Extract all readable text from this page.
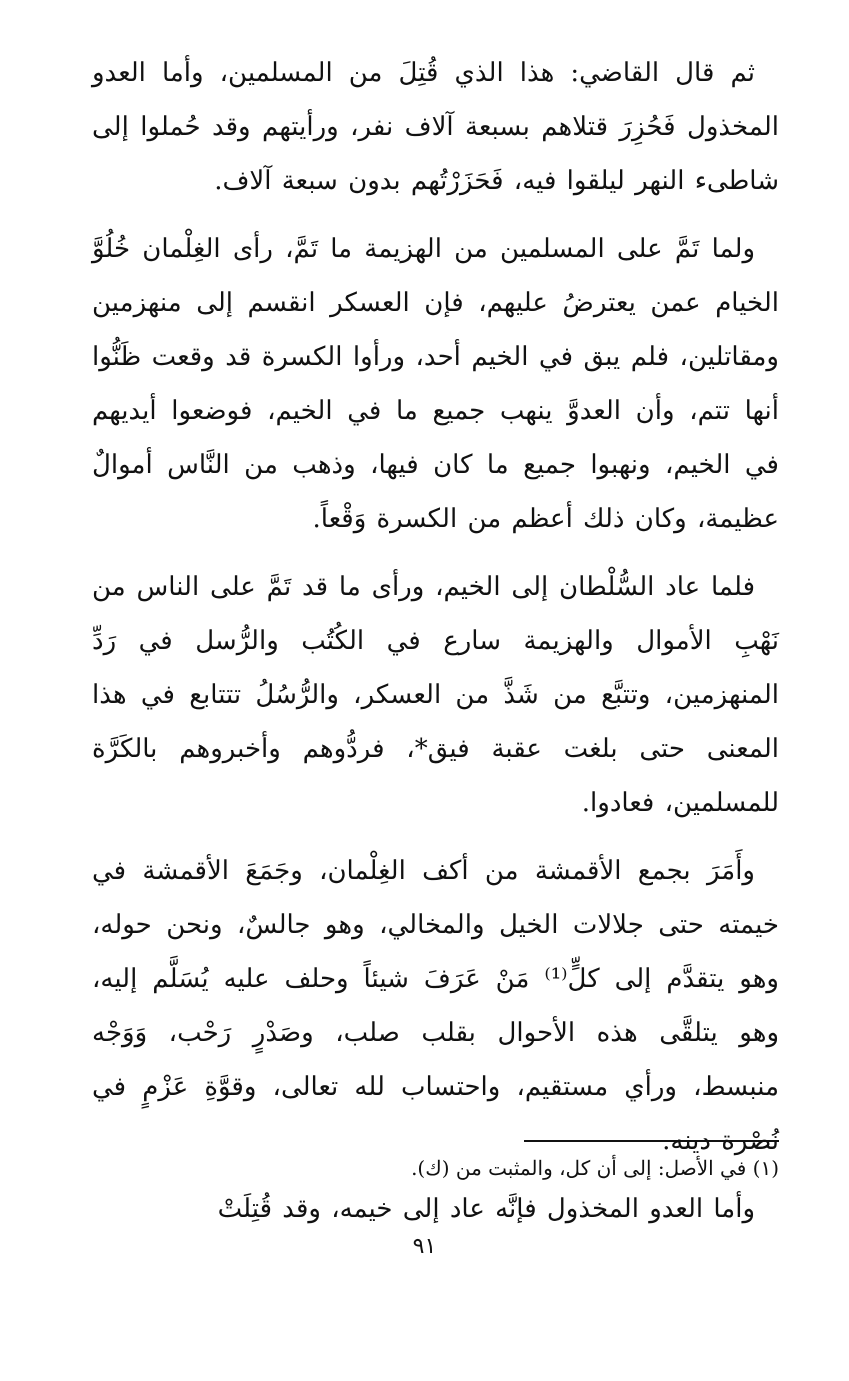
ثم قال القاضي: هذا الذي قُتِلَ من المسلمين، وأما العدو المخذول فَحُزِرَ قتلاهم بسبعة آلاف نفر، ورأيتهم وقد حُملوا إلى شاطىء النهر ليلقوا فيه، فَحَزَرْتُهم بدون سبعة آلاف.

ولما تَمَّ على المسلمين من الهزيمة ما تَمَّ، رأى الغِلْمان خُلُوَّ الخيام عمن يعترضُ عليهم، فإن العسكر انقسم إلى منهزمين ومقاتلين، فلم يبق في الخيم أحد، ورأوا الكسرة قد وقعت ظَنُّوا أنها تتم، وأن العدوَّ ينهب جميع ما في الخيم، فوضعوا أيديهم في الخيم، ونهبوا جميع ما كان فيها، وذهب من النَّاس أموالٌ عظيمة، وكان ذلك أعظم من الكسرة وَقْعاً.

فلما عاد السُّلْطان إلى الخيم، ورأى ما قد تَمَّ على الناس من نَهْبِ الأموال والهزيمة سارع في الكُتُب والرُّسل في رَدِّ المنهزمين، وتتبَّع من شَذَّ من العسكر، والرُّسُلُ تتتابع في هذا المعنى حتى بلغت عقبة فيق*، فردُّوهم وأخبروهم بالكَرَّة للمسلمين، فعادوا.

وأَمَرَ بجمع الأقمشة من أكف الغِلْمان، وجَمَعَ الأقمشة في خيمته حتى جلالات الخيل والمخالي، وهو جالسٌ، ونحن حوله، وهو يتقدَّم إلى كلٍّ⁽¹⁾ مَنْ عَرَفَ شيئاً وحلف عليه يُسَلَّم إليه، وهو يتلقَّى هذه الأحوال بقلب صلب، وصَدْرٍ رَحْب، وَوَجْه منبسط، ورأي مستقيم، واحتساب لله تعالى، وقوَّةِ عَزْمٍ في نُصْرة دينه.

وأما العدو المخذول فإنَّه عاد إلى خيمه، وقد قُتِلَتْ

(١) في الأصل: إلى أن كل، والمثبت من (ك).
٩١
